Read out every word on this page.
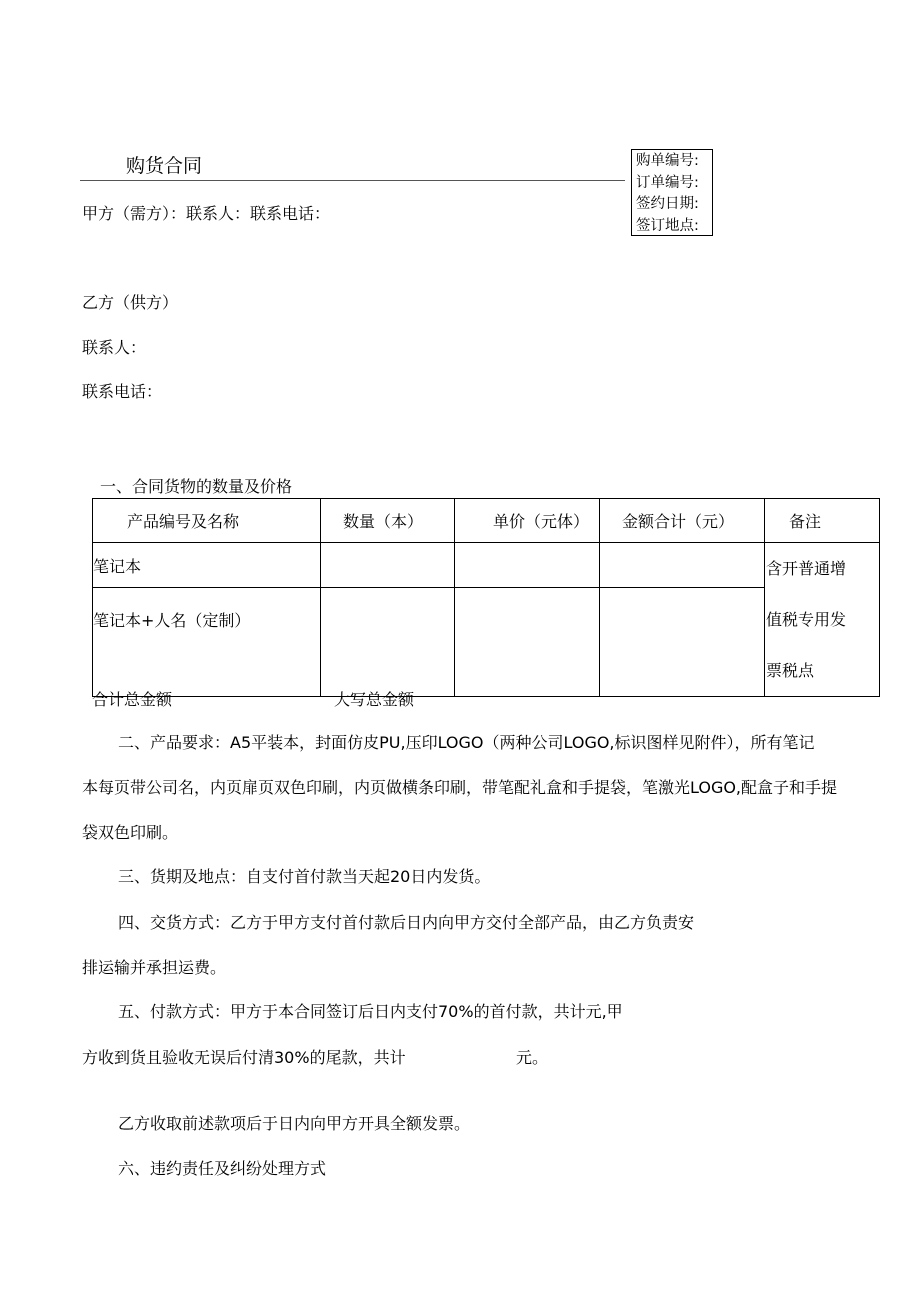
购货合同	购单编号:
订单编号:
签约日期:
签订地点:
甲方（需方）：联系人：联系电话：
乙方（供方）
联系人：
联系电话：
一、合同货物的数量及价格
产品编号及名称	数量（本）	单价（元体）	金额合计（元）	备注
笔记本				含开普通增
值税专用发
票税点

笔记本+人名（定制）				
合计总金额	大写总金额
二、产品要求：A5平装本，封面仿皮PU,压印LOGO（两种公司LOGO,标识图样见附件），所有笔记
本每页带公司名，内页扉页双色印刷，内页做横条印刷，带笔配礼盒和手提袋，笔激光LOGO,配盒子和手提
袋双色印刷。
三、货期及地点：自支付首付款当天起20日内发货。
四、交货方式：乙方于甲方支付首付款后日内向甲方交付全部产品，由乙方负责安
排运输并承担运费。
五、付款方式：甲方于本合同签订后日内支付70%的首付款，共计元,甲
方收到货且验收无误后付清30%的尾款，共计	元。
乙方收取前述款项后于日内向甲方开具全额发票。
六、违约责任及纠纷处理方式
